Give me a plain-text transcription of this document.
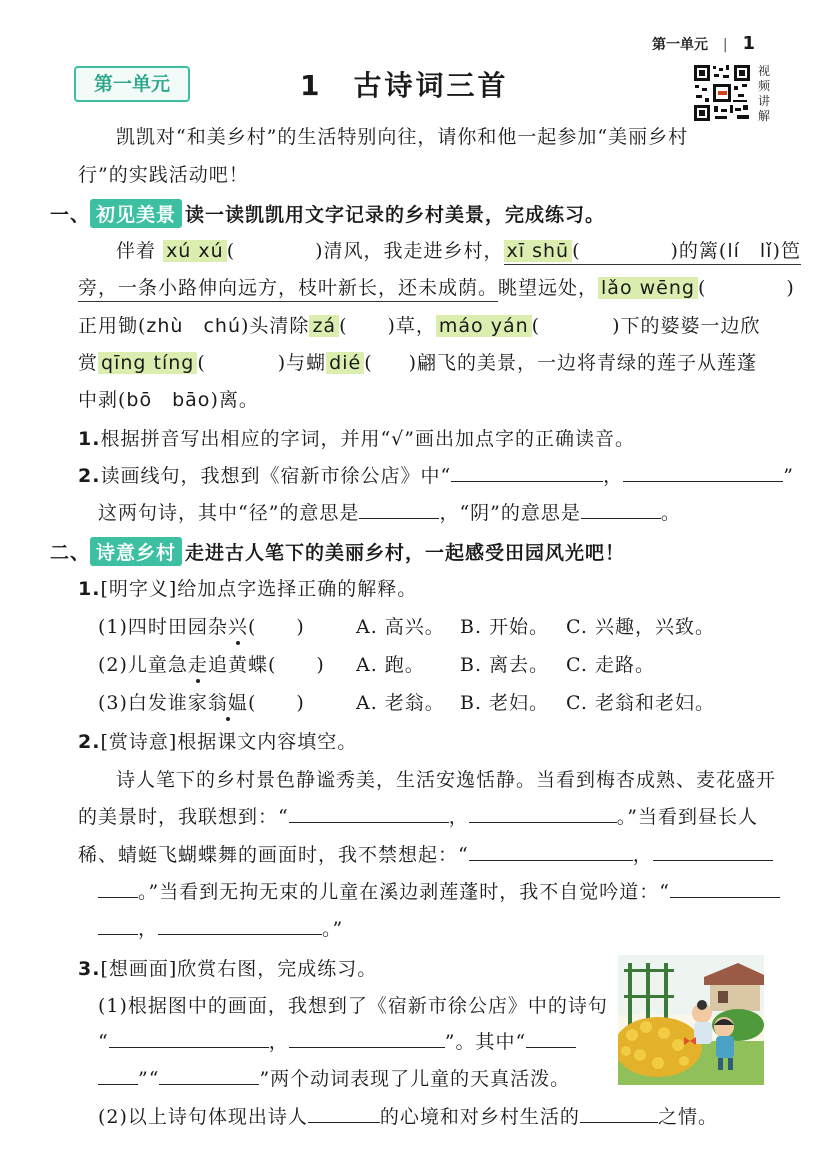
第一单元 | 1
第一单元	1　古诗词三首	视
频
讲
解
凯凯对“和美乡村”的生活特别向往，请你和他一起参加“美丽乡村
行”的实践活动吧！
一、 初见美景 读一读凯凯用文字记录的乡村美景，完成练习。
伴着 xú xú (	)清风，我走进乡村， xī shū (	)的篱(lí　lǐ)笆
旁，一条小路伸向远方，枝叶新长，还未成荫。眺望远处， lǎo wēng (	)
正用锄(zhù　chú)头清除 zá ( )草， máo yán (	)下的婆婆一边欣
赏 qīng tíng (	)与蝴 dié ( )翩飞的美景，一边将青绿的莲子从莲蓬
中剥(bō　bāo)离。
1.根据拼音写出相应的字词，并用“√”画出加点字的正确读音。
2.读画线句，我想到《宿新市徐公店》中“	，	”
这两句诗，其中“径”的意思是	，“阴”的意思是	。
二、 诗意乡村 走进古人笔下的美丽乡村，一起感受田园风光吧！
1.[明字义]给加点字选择正确的解释。
(1)四时田园杂兴(　　)	A. 高兴。 B. 开始。 C. 兴趣，兴致。
(2)儿童急走追黄蝶(　　) A. 跑。 B. 离去。 C. 走路。
(3)白发谁家翁媪(　　)	A. 老翁。 B. 老妇。 C. 老翁和老妇。
2.[赏诗意]根据课文内容填空。
诗人笔下的乡村景色静谧秀美，生活安逸恬静。当看到梅杏成熟、麦花盛开
的美景时，我联想到：“	，	。”当看到昼长人
稀、蜻蜓飞蝴蝶舞的画面时，我不禁想起：“	，
。”当看到无拘无束的儿童在溪边剥莲蓬时，我不自觉吟道：“
，	。”
3.[想画面]欣赏右图，完成练习。
(1)根据图中的画面，我想到了《宿新市徐公店》中的诗句
“	，	”。其中“
”“	”两个动词表现了儿童的天真活泼。
(2)以上诗句体现出诗人	的心境和对乡村生活的	之情。
